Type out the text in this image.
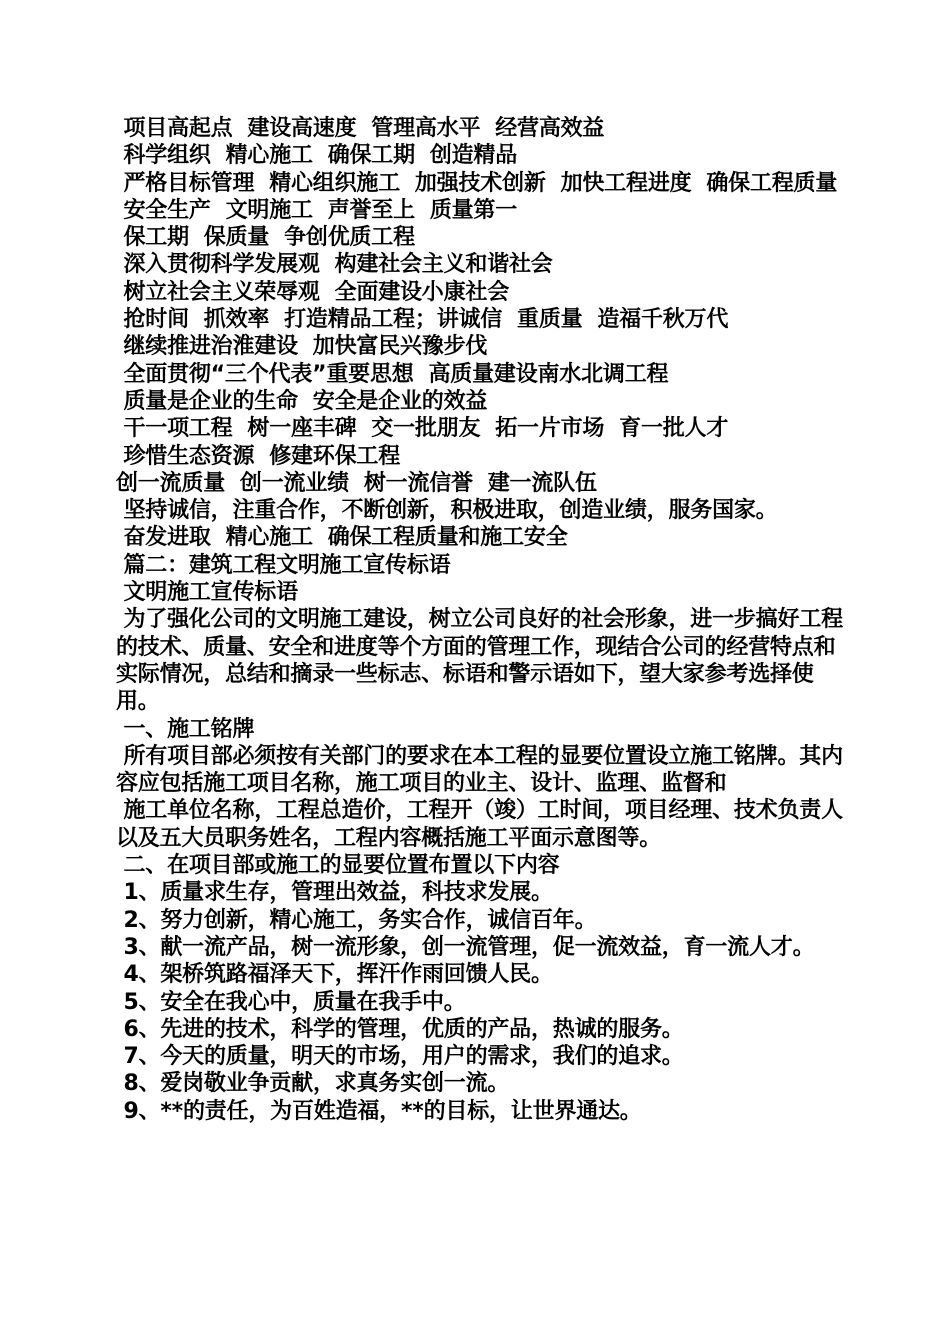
项目高起点  建设高速度  管理高水平  经营高效益

科学组织  精心施工  确保工期  创造精品

严格目标管理  精心组织施工  加强技术创新  加快工程进度  确保工程质量

安全生产  文明施工  声誉至上  质量第一

保工期  保质量  争创优质工程

深入贯彻科学发展观  构建社会主义和谐社会

树立社会主义荣辱观  全面建设小康社会

抢时间  抓效率  打造精品工程；讲诚信  重质量  造福千秋万代

继续推进治淮建设  加快富民兴豫步伐

全面贯彻“三个代表”重要思想  高质量建设南水北调工程

质量是企业的生命  安全是企业的效益

干一项工程  树一座丰碑  交一批朋友  拓一片市场  育一批人才

珍惜生态资源  修建环保工程

创一流质量  创一流业绩  树一流信誉  建一流队伍

坚持诚信，注重合作，不断创新，积极进取，创造业绩，服务国家。

奋发进取  精心施工  确保工程质量和施工安全

篇二：建筑工程文明施工宣传标语

文明施工宣传标语

为了强化公司的文明施工建设，树立公司良好的社会形象，进一步搞好工程的技术、质量、安全和进度等个方面的管理工作，现结合公司的经营特点和实际情况，总结和摘录一些标志、标语和警示语如下，望大家参考选择使用。

一、施工铭牌

所有项目部必须按有关部门的要求在本工程的显要位置设立施工铭牌。其内容应包括施工项目名称，施工项目的业主、设计、监理、监督和

施工单位名称，工程总造价，工程开（竣）工时间，项目经理、技术负责人以及五大员职务姓名，工程内容概括施工平面示意图等。

二、在项目部或施工的显要位置布置以下内容

1、质量求生存，管理出效益，科技求发展。

2、努力创新，精心施工，务实合作，诚信百年。

3、献一流产品，树一流形象，创一流管理，促一流效益，育一流人才。

4、架桥筑路福泽天下，挥汗作雨回馈人民。

5、安全在我心中，质量在我手中。

6、先进的技术，科学的管理，优质的产品，热诚的服务。

7、今天的质量，明天的市场，用户的需求，我们的追求。

8、爱岗敬业争贡献，求真务实创一流。

9、**的责任，为百姓造福，**的目标，让世界通达。
